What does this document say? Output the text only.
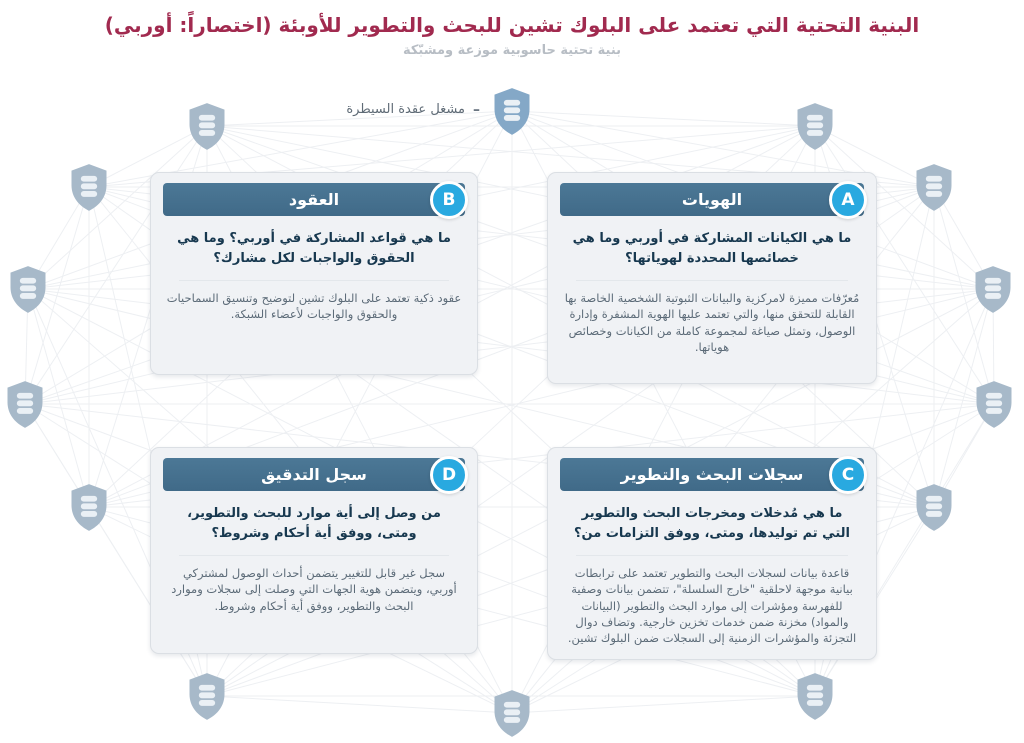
البنية التحتية التي تعتمد على البلوك تشين للبحث والتطوير للأوبئة (اختصاراً: أوربي)
بنية تحتية حاسوبية موزعة ومشبّكة
مشغل عقدة السيطرة –
الهويات	A
ما هي الكيانات المشاركة في أوربي وما هي خصائصها المحددة لهوياتها؟
مُعرّفات مميزة لامركزية والبيانات الثبوتية الشخصية الخاصة بها القابلة للتحقق منها، والتي تعتمد عليها الهوية المشفرة وإدارة الوصول، وتمثل صياغة لمجموعة كاملة من الكيانات وخصائص هوياتها.
العقود	B
ما هي قواعد المشاركة في أوربي؟ وما هي الحقوق والواجبات لكل مشارك؟
عقود ذكية تعتمد على البلوك تشين لتوضيح وتنسيق السماحيات والحقوق والواجبات لأعضاء الشبكة.
سجلات البحث والتطوير	C
ما هي مُدخلات ومخرجات البحث والتطوير التي تم توليدها، ومتى، ووفق التزامات من؟
قاعدة بيانات لسجلات البحث والتطوير تعتمد على ترابطات بيانية موجهة لاحلقية "خارج السلسلة"، تتضمن بيانات وصفية للفهرسة ومؤشرات إلى موارد البحث والتطوير (البيانات والمواد) مخزنة ضمن خدمات تخزين خارجية. وتضاف دوال التجزئة والمؤشرات الزمنية إلى السجلات ضمن البلوك تشين.
سجل التدقيق	D
من وصل إلى أية موارد للبحث والتطوير، ومتى، ووفق أية أحكام وشروط؟
سجل غير قابل للتغيير يتضمن أحداث الوصول لمشتركي أوربي، ويتضمن هوية الجهات التي وصلت إلى سجلات وموارد البحث والتطوير، ووفق أية أحكام وشروط.
